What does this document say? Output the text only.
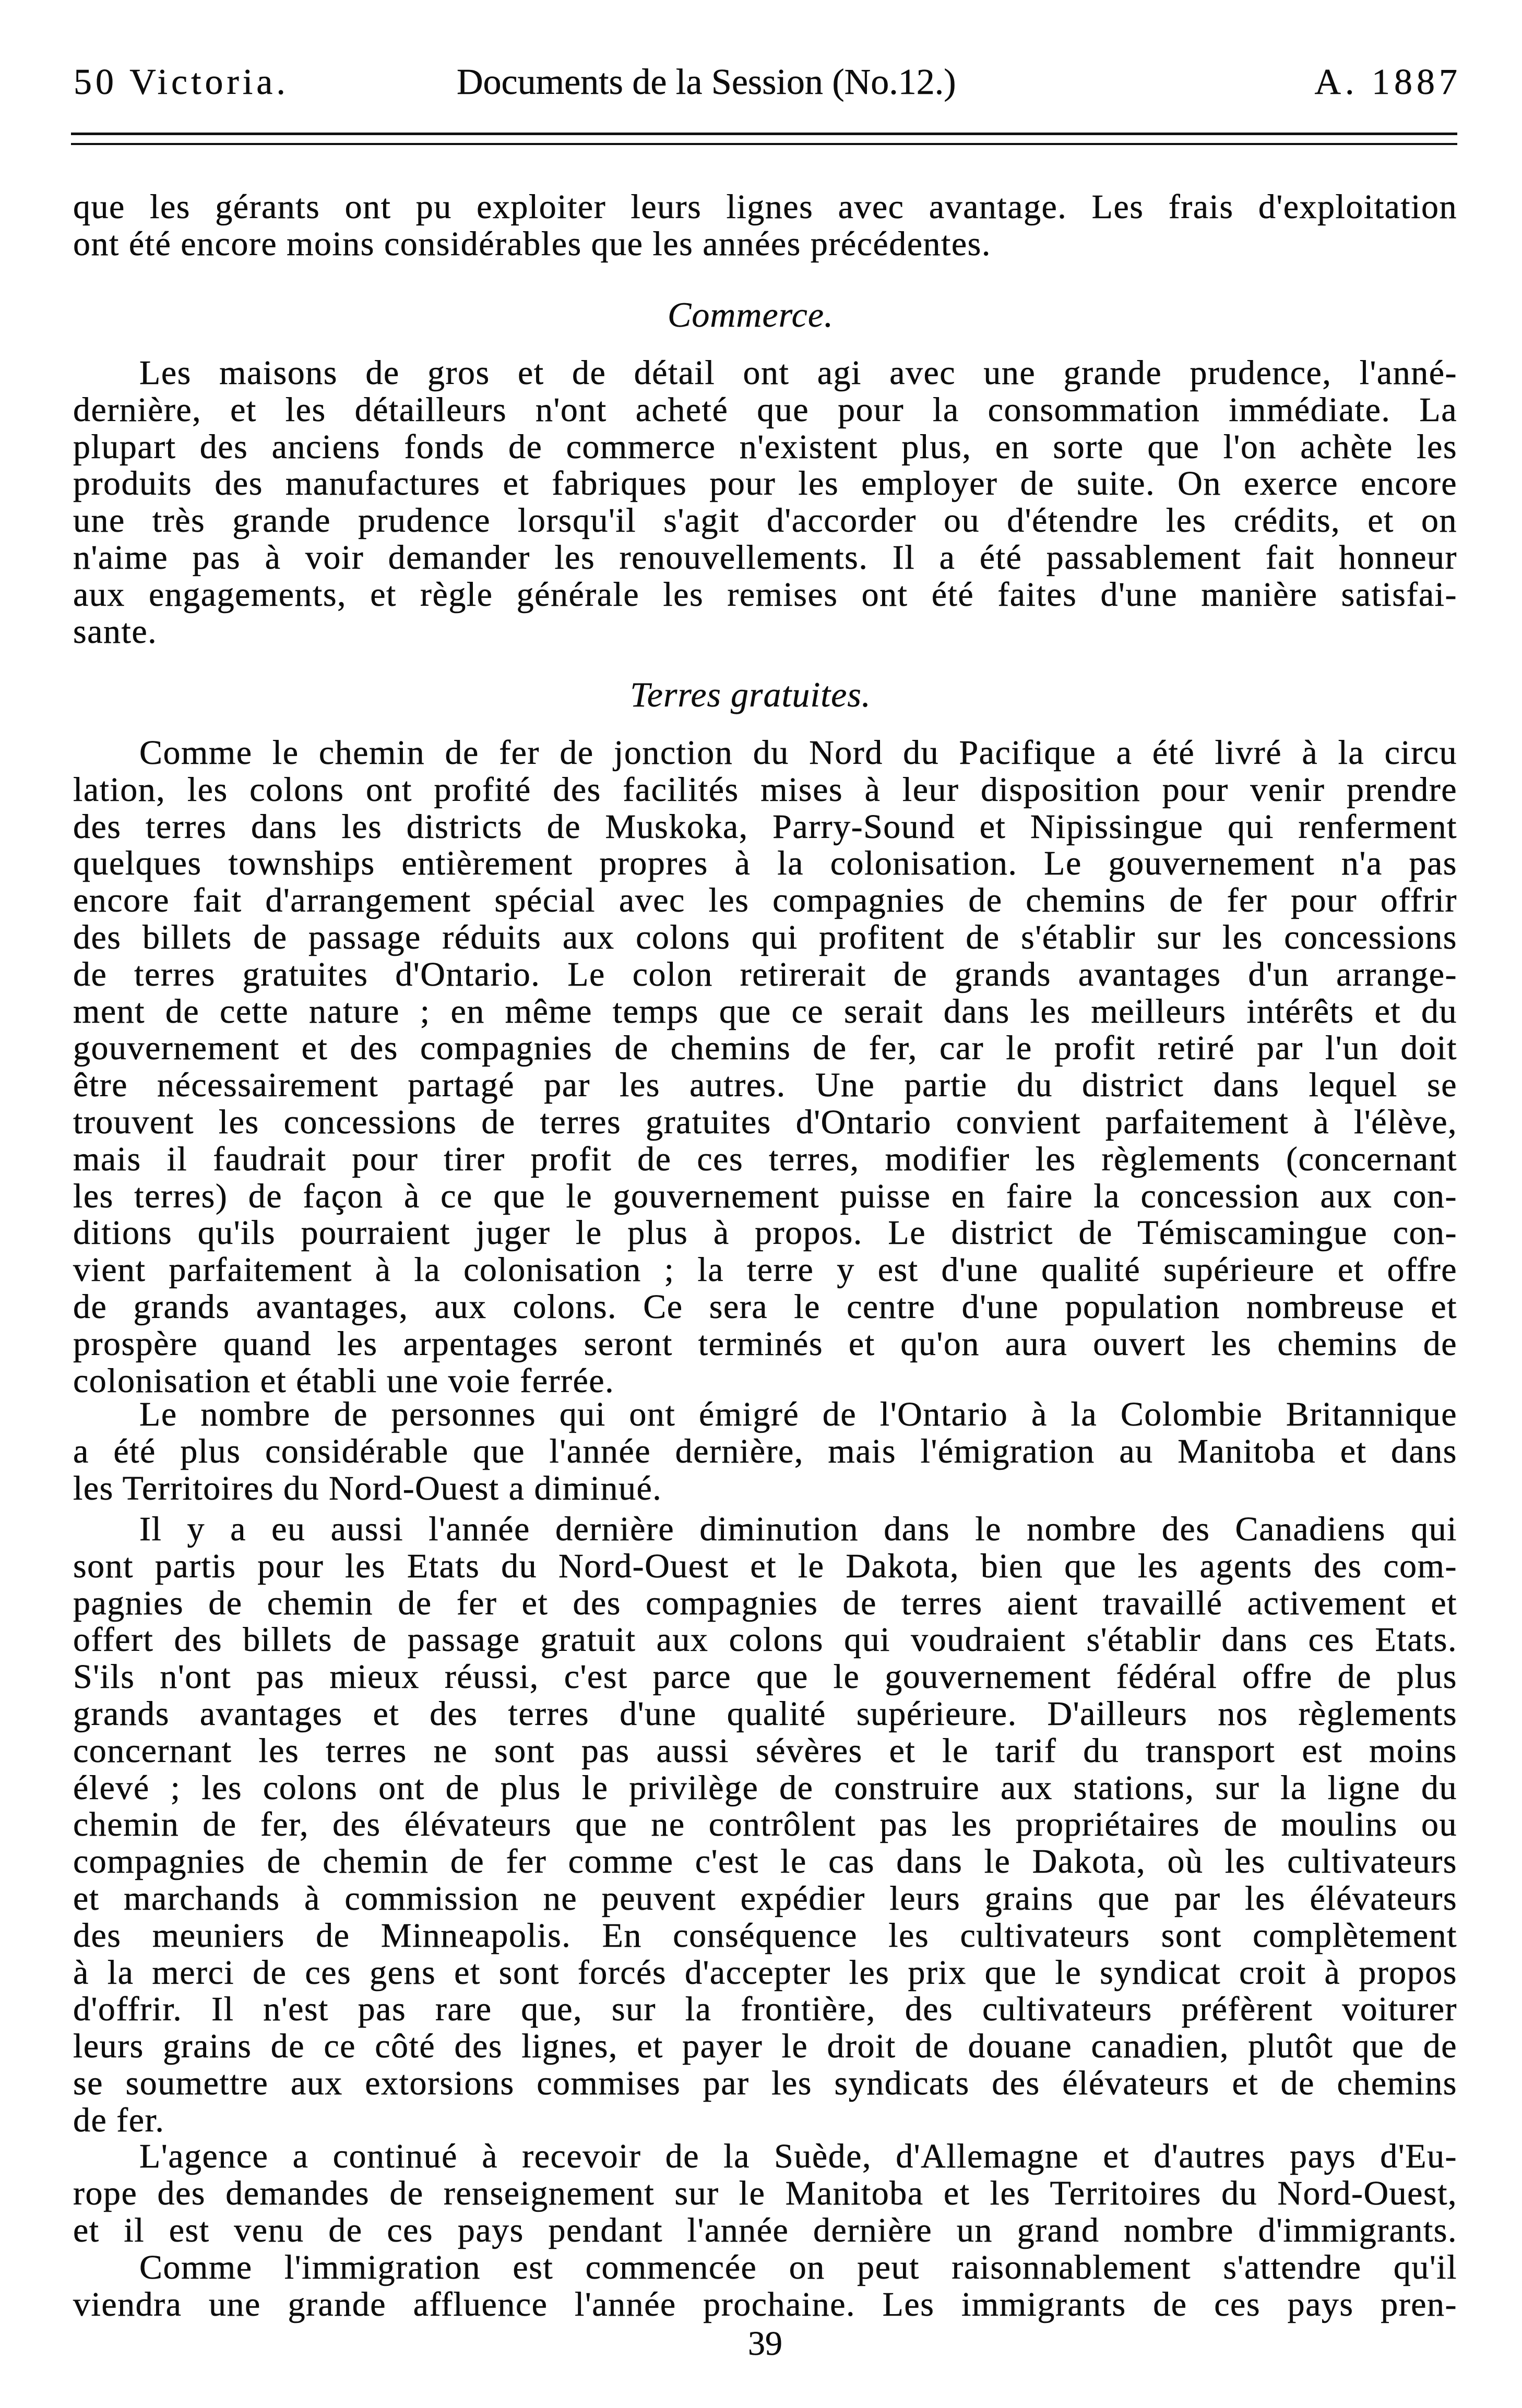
50 Victoria.	Documents de la Session (No.12.)	A. 1887
que les gérants ont pu exploiter leurs lignes avec avantage. Les frais d'exploitation
ont été encore moins considérables que les années précédentes.
Commerce.
Les maisons de gros et de détail ont agi avec une grande prudence, l'anné-
dernière, et les détailleurs n'ont acheté que pour la consommation immédiate. La
plupart des anciens fonds de commerce n'existent plus, en sorte que l'on achète les
produits des manufactures et fabriques pour les employer de suite. On exerce encore
une très grande prudence lorsqu'il s'agit d'accorder ou d'étendre les crédits, et on
n'aime pas à voir demander les renouvellements. Il a été passablement fait honneur
aux engagements, et règle générale les remises ont été faites d'une manière satisfai-
sante.
Terres gratuites.
Comme le chemin de fer de jonction du Nord du Pacifique a été livré à la circu
lation, les colons ont profité des facilités mises à leur disposition pour venir prendre
des terres dans les districts de Muskoka, Parry-Sound et Nipissingue qui renferment
quelques townships entièrement propres à la colonisation. Le gouvernement n'a pas
encore fait d'arrangement spécial avec les compagnies de chemins de fer pour offrir
des billets de passage réduits aux colons qui profitent de s'établir sur les concessions
de terres gratuites d'Ontario. Le colon retirerait de grands avantages d'un arrange-
ment de cette nature ; en même temps que ce serait dans les meilleurs intérêts et du
gouvernement et des compagnies de chemins de fer, car le profit retiré par l'un doit
être nécessairement partagé par les autres. Une partie du district dans lequel se
trouvent les concessions de terres gratuites d'Ontario convient parfaitement à l'élève,
mais il faudrait pour tirer profit de ces terres, modifier les règlements (concernant
les terres) de façon à ce que le gouvernement puisse en faire la concession aux con-
ditions qu'ils pourraient juger le plus à propos. Le district de Témiscamingue con-
vient parfaitement à la colonisation ; la terre y est d'une qualité supérieure et offre
de grands avantages, aux colons. Ce sera le centre d'une population nombreuse et
prospère quand les arpentages seront terminés et qu'on aura ouvert les chemins de
colonisation et établi une voie ferrée.
Le nombre de personnes qui ont émigré de l'Ontario à la Colombie Britannique
a été plus considérable que l'année dernière, mais l'émigration au Manitoba et dans
les Territoires du Nord-Ouest a diminué.
Il y a eu aussi l'année dernière diminution dans le nombre des Canadiens qui
sont partis pour les Etats du Nord-Ouest et le Dakota, bien que les agents des com-
pagnies de chemin de fer et des compagnies de terres aient travaillé activement et
offert des billets de passage gratuit aux colons qui voudraient s'établir dans ces Etats.
S'ils n'ont pas mieux réussi, c'est parce que le gouvernement fédéral offre de plus
grands avantages et des terres d'une qualité supérieure. D'ailleurs nos règlements
concernant les terres ne sont pas aussi sévères et le tarif du transport est moins
élevé ; les colons ont de plus le privilège de construire aux stations, sur la ligne du
chemin de fer, des élévateurs que ne contrôlent pas les propriétaires de moulins ou
compagnies de chemin de fer comme c'est le cas dans le Dakota, où les cultivateurs
et marchands à commission ne peuvent expédier leurs grains que par les élévateurs
des meuniers de Minneapolis. En conséquence les cultivateurs sont complètement
à la merci de ces gens et sont forcés d'accepter les prix que le syndicat croit à propos
d'offrir. Il n'est pas rare que, sur la frontière, des cultivateurs préfèrent voiturer
leurs grains de ce côté des lignes, et payer le droit de douane canadien, plutôt que de
se soumettre aux extorsions commises par les syndicats des élévateurs et de chemins
de fer.
L'agence a continué à recevoir de la Suède, d'Allemagne et d'autres pays d'Eu-
rope des demandes de renseignement sur le Manitoba et les Territoires du Nord-Ouest,
et il est venu de ces pays pendant l'année dernière un grand nombre d'immigrants.
Comme l'immigration est commencée on peut raisonnablement s'attendre qu'il
viendra une grande affluence l'année prochaine. Les immigrants de ces pays pren-
39
